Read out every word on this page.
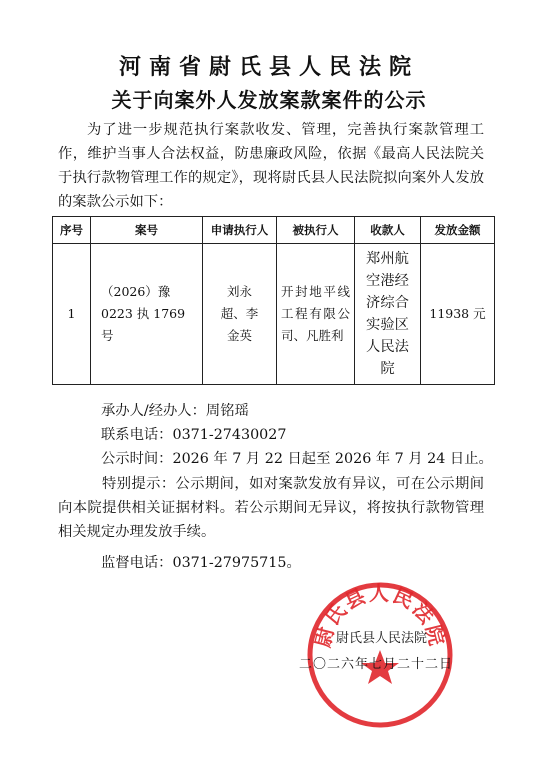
河南省尉氏县人民法院
关于向案外人发放案款案件的公示
为了进一步规范执行案款收发、管理，完善执行案款管理工作，维护当事人合法权益，防患廉政风险，依据《最高人民法院关于执行款物管理工作的规定》，现将尉氏县人民法院拟向案外人发放的案款公示如下：
序号	案号	申请执行人	被执行人	收款人	发放金额

1	（2026）豫 0223 执 1769 号	刘永超、李金英	开封地平线工程有限公司、凡胜利	郑州航空港经济综合实验区人民法院	11938 元
承办人/经办人：周铭瑶
联系电话：0371-27430027
公示时间：2026 年 7 月 22 日起至 2026 年 7 月 24 日止。
特别提示：公示期间，如对案款发放有异议，可在公示期间向本院提供相关证据材料。若公示期间无异议，将按执行款物管理相关规定办理发放手续。
监督电话：0371-27975715。
尉氏县人民法院
尉氏县人民法院
二〇二六年七月二十二日
